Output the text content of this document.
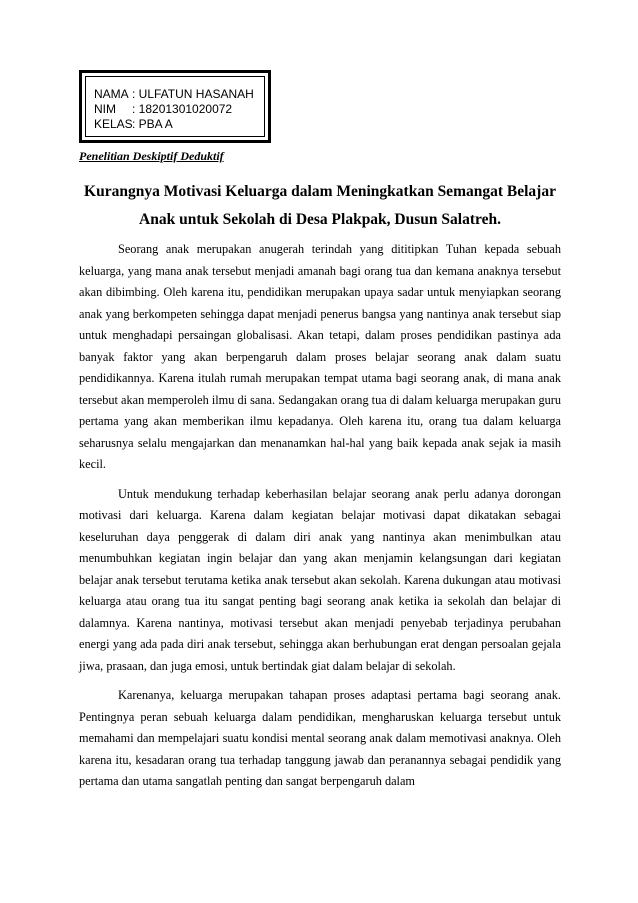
NAMA : ULFATUN HASANAH
NIM	: 18201301020072
KELAS : PBA A
Penelitian Deskiptif Deduktif
Kurangnya Motivasi Keluarga dalam Meningkatkan Semangat Belajar
Anak untuk Sekolah di Desa Plakpak, Dusun Salatreh.

Seorang anak merupakan anugerah terindah yang dititipkan Tuhan kepada sebuah keluarga, yang mana anak tersebut menjadi amanah bagi orang tua dan kemana anaknya tersebut akan dibimbing. Oleh karena itu, pendidikan merupakan upaya sadar untuk menyiapkan seorang anak yang berkompeten sehingga dapat menjadi penerus bangsa yang nantinya anak tersebut siap untuk menghadapi persaingan globalisasi. Akan tetapi, dalam proses pendidikan pastinya ada banyak faktor yang akan berpengaruh dalam proses belajar seorang anak dalam suatu pendidikannya. Karena itulah rumah merupakan tempat utama bagi seorang anak, di mana anak tersebut akan memperoleh ilmu di sana. Sedangakan orang tua di dalam keluarga merupakan guru pertama yang akan memberikan ilmu kepadanya. Oleh karena itu, orang tua dalam keluarga seharusnya selalu mengajarkan dan menanamkan hal-hal yang baik kepada anak sejak ia masih kecil.

Untuk mendukung terhadap keberhasilan belajar seorang anak perlu adanya dorongan motivasi dari keluarga. Karena dalam kegiatan belajar motivasi dapat dikatakan sebagai keseluruhan daya penggerak di dalam diri anak yang nantinya akan menimbulkan atau menumbuhkan kegiatan ingin belajar dan yang akan menjamin kelangsungan dari kegiatan belajar anak tersebut terutama ketika anak tersebut akan sekolah. Karena dukungan atau motivasi keluarga atau orang tua itu sangat penting bagi seorang anak ketika ia sekolah dan belajar di dalamnya. Karena nantinya, motivasi tersebut akan menjadi penyebab terjadinya perubahan energi yang ada pada diri anak tersebut, sehingga akan berhubungan erat dengan persoalan gejala jiwa, prasaan, dan juga emosi, untuk bertindak giat dalam belajar di sekolah.

Karenanya, keluarga merupakan tahapan proses adaptasi pertama bagi seorang anak. Pentingnya peran sebuah keluarga dalam pendidikan, mengharuskan keluarga tersebut untuk memahami dan mempelajari suatu kondisi mental seorang anak dalam memotivasi anaknya. Oleh karena itu, kesadaran orang tua terhadap tanggung jawab dan peranannya sebagai pendidik yang pertama dan utama sangatlah penting dan sangat berpengaruh dalam
